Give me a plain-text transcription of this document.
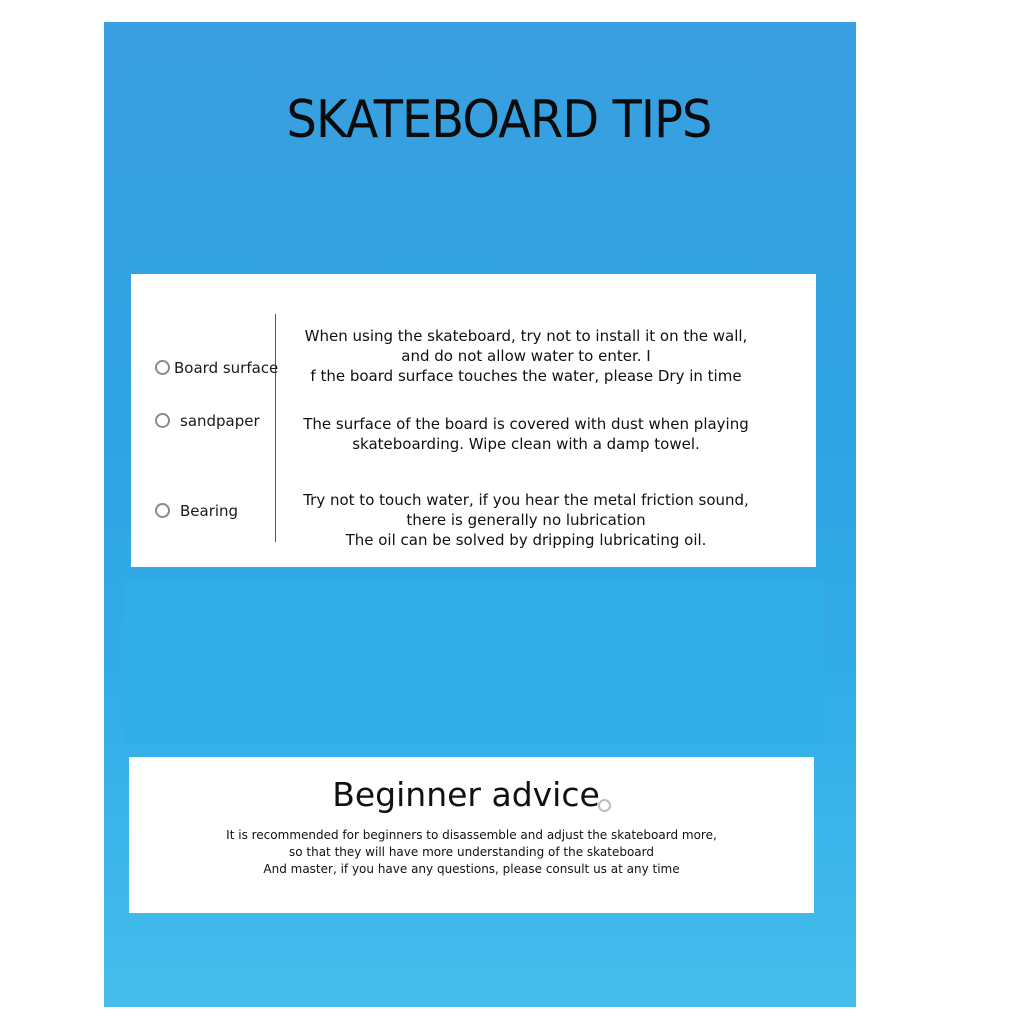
SKATEBOARD TIPS
Board surface
When using the skateboard, try not to install it on the wall,
and do not allow water to enter. I
f the board surface touches the water, please Dry in time
sandpaper	The surface of the board is covered with dust when playing
skateboarding. Wipe clean with a damp towel.
Bearing
Try not to touch water, if you hear the metal friction sound,
there is generally no lubrication
The oil can be solved by dripping lubricating oil.
Beginner advice
It is recommended for beginners to disassemble and adjust the skateboard more,
so that they will have more understanding of the skateboard
And master, if you have any questions, please consult us at any time
